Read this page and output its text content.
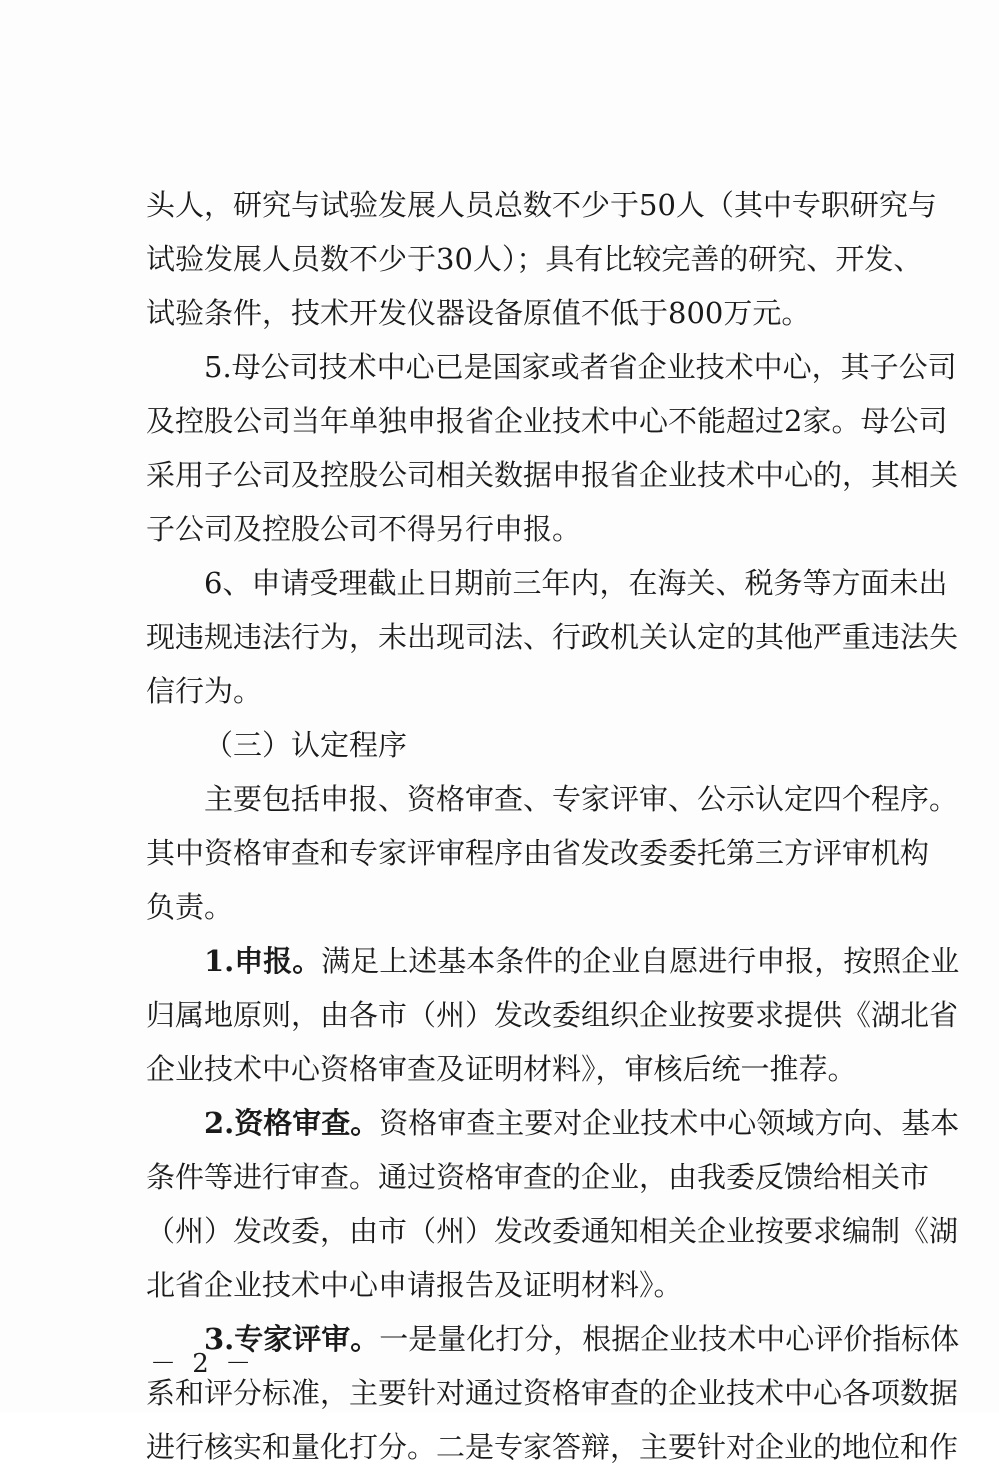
头人，研究与试验发展人员总数不少于50人（其中专职研究与
试验发展人员数不少于30人）；具有比较完善的研究、开发、
试验条件，技术开发仪器设备原值不低于800万元。
5.母公司技术中心已是国家或者省企业技术中心，其子公司
及控股公司当年单独申报省企业技术中心不能超过2家。母公司
采用子公司及控股公司相关数据申报省企业技术中心的，其相关
子公司及控股公司不得另行申报。
6、申请受理截止日期前三年内，在海关、税务等方面未出
现违规违法行为，未出现司法、行政机关认定的其他严重违法失
信行为。
（三）认定程序
主要包括申报、资格审查、专家评审、公示认定四个程序。
其中资格审查和专家评审程序由省发改委委托第三方评审机构
负责。
1.申报。满足上述基本条件的企业自愿进行申报，按照企业
归属地原则，由各市（州）发改委组织企业按要求提供《湖北省
企业技术中心资格审查及证明材料》，审核后统一推荐。
2.资格审查。资格审查主要对企业技术中心领域方向、基本
条件等进行审查。通过资格审查的企业，由我委反馈给相关市
（州）发改委，由市（州）发改委通知相关企业按要求编制《湖
北省企业技术中心申请报告及证明材料》。
3.专家评审。一是量化打分，根据企业技术中心评价指标体
系和评分标准，主要针对通过资格审查的企业技术中心各项数据
进行核实和量化打分。二是专家答辩，主要针对企业的地位和作
－ 2 －
